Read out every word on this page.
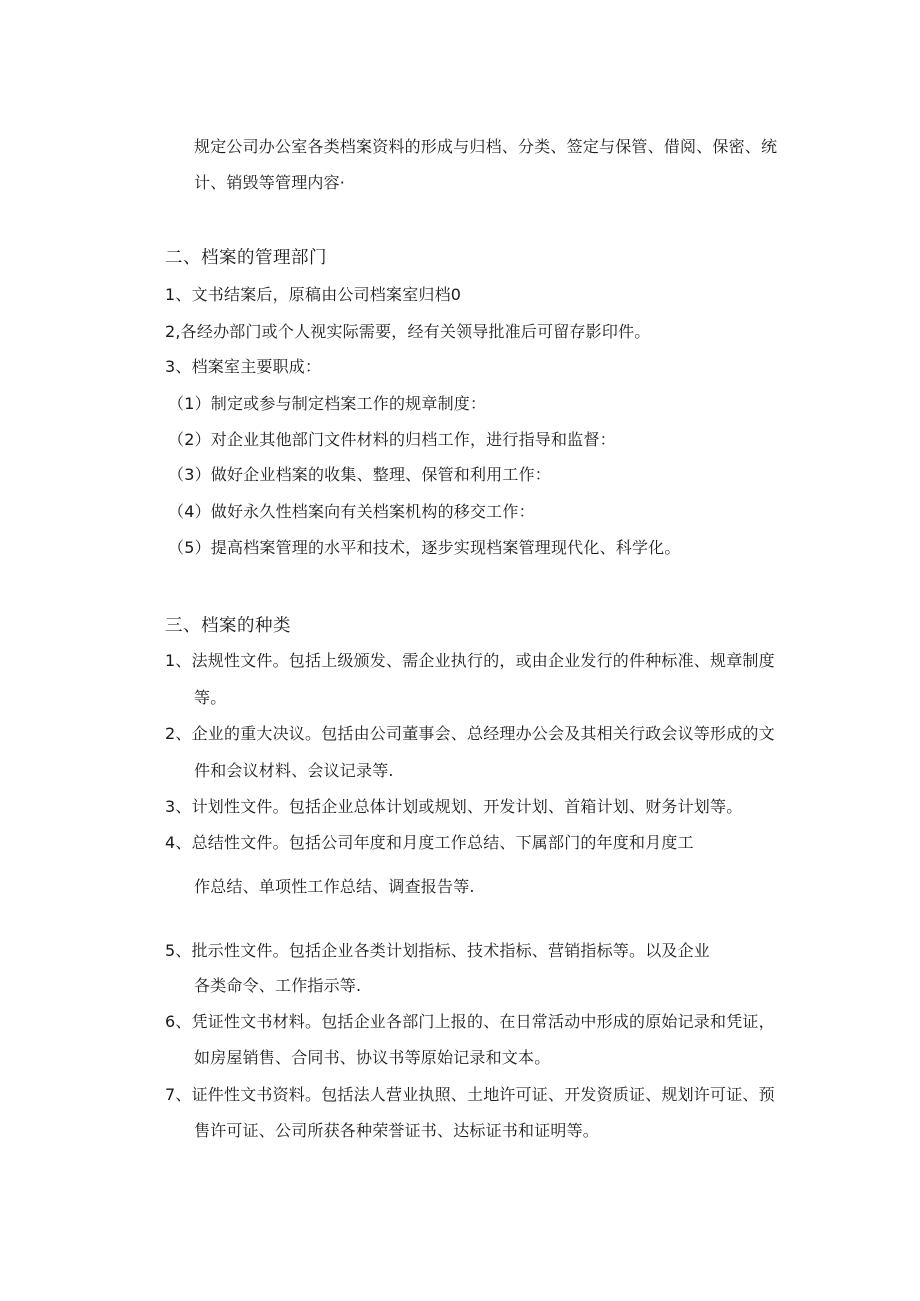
规定公司办公室各类档案资料的形成与归档、分类、签定与保管、借阅、保密、统
计、销毁等管理内容·
二、档案的管理部门
1、文书结案后，原稿由公司档案室归档0
2,各经办部门或个人视实际需要，经有关领导批准后可留存影印件。
3、档案室主要职成：
（1）制定或参与制定档案工作的规章制度：
（2）对企业其他部门文件材料的归档工作，进行指导和监督：
（3）做好企业档案的收集、整理、保管和利用工作：
（4）做好永久性档案向有关档案机构的移交工作：
（5）提高档案管理的水平和技术，逐步实现档案管理现代化、科学化。
三、档案的种类
1、法规性文件。包括上级颁发、需企业执行的，或由企业发行的件种标准、规章制度
等。
2、企业的重大决议。包括由公司董事会、总经理办公会及其相关行政会议等形成的文
件和会议材料、会议记录等.
3、计划性文件。包括企业总体计划或规划、开发计划、首箱计划、财务计划等。
4、总结性文件。包括公司年度和月度工作总结、下属部门的年度和月度工
作总结、单项性工作总结、调查报告等.
5、批示性文件。包括企业各类计划指标、技术指标、营销指标等。以及企业
各类命令、工作指示等.
6、凭证性文书材料。包括企业各部门上报的、在日常活动中形成的原始记录和凭证，
如房屋销售、合同书、协议书等原始记录和文本。
7、证件性文书资料。包括法人营业执照、土地许可证、开发资质证、规划许可证、预
售许可证、公司所获各种荣誉证书、达标证书和证明等。
